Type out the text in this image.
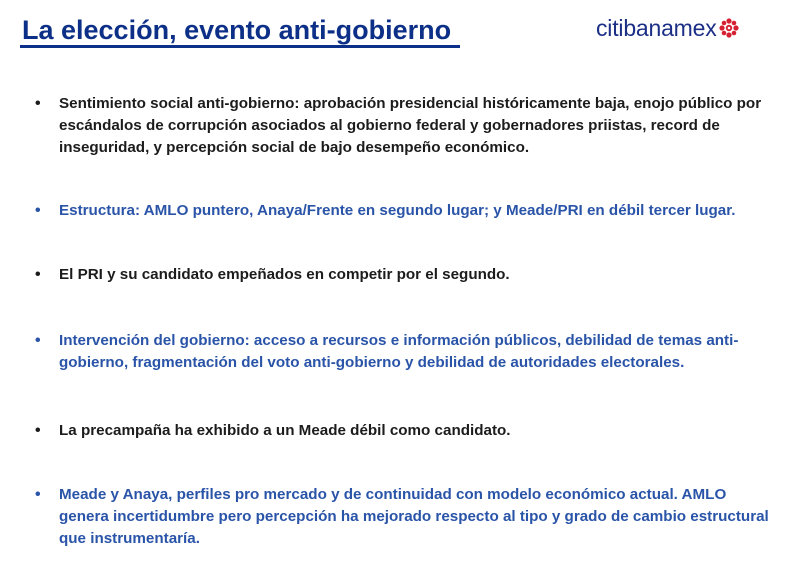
La elección, evento anti-gobierno	citibanamex
•	Sentimiento social anti-gobierno: aprobación presidencial históricamente baja, enojo público por escándalos de corrupción asociados al gobierno federal y gobernadores priistas, record de inseguridad, y percepción social de bajo desempeño económico.
•	Estructura: AMLO puntero, Anaya/Frente en segundo lugar; y Meade/PRI en débil tercer lugar.
•	El PRI y su candidato empeñados en competir por el segundo.
•	Intervención del gobierno: acceso a recursos e información públicos, debilidad de temas anti-gobierno, fragmentación del voto anti-gobierno y debilidad de autoridades electorales.
•	La precampaña ha exhibido a un Meade débil como candidato.
•	Meade y Anaya, perfiles pro mercado y de continuidad con modelo económico actual. AMLO genera incertidumbre pero percepción ha mejorado respecto al tipo y grado de cambio estructural que instrumentaría.
